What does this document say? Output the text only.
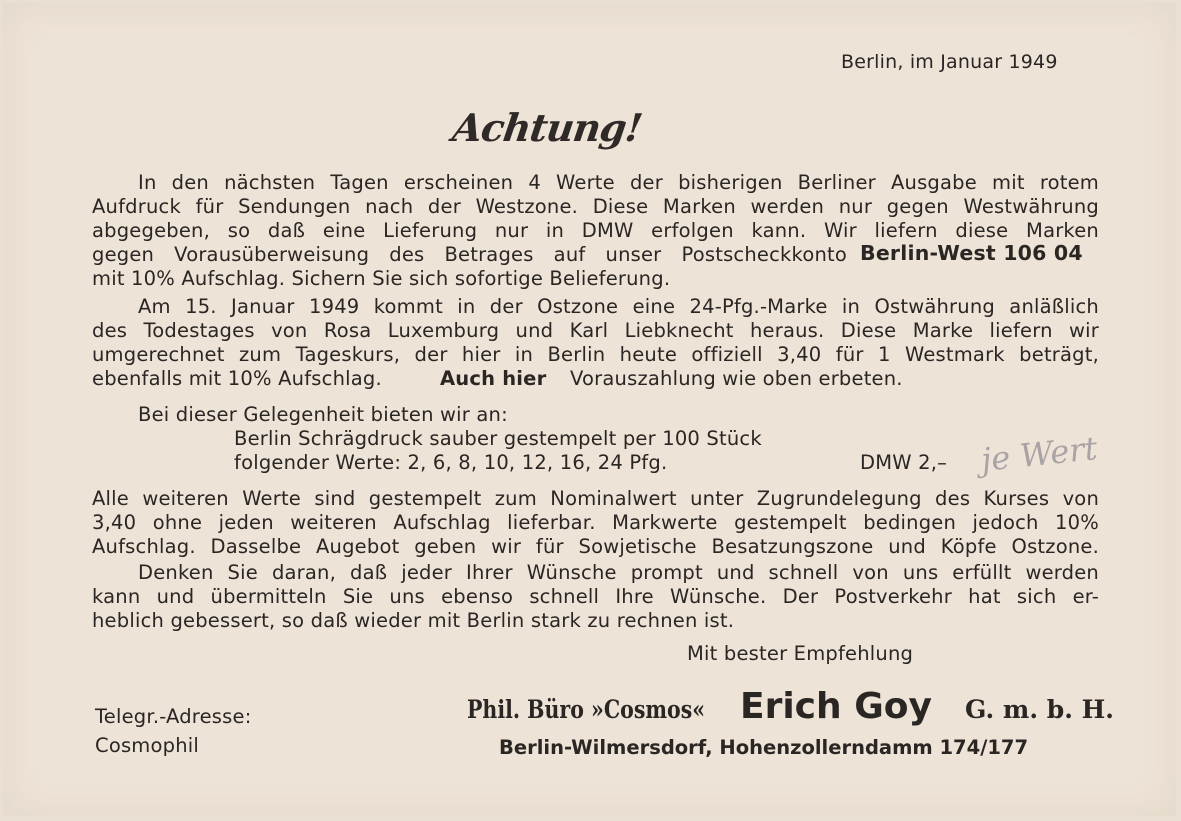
Berlin, im Januar 1949
Achtung!
In den nächsten Tagen erscheinen 4 Werte der bisherigen Berliner Ausgabe mit rotem
Aufdruck für Sendungen nach der Westzone. Diese Marken werden nur gegen Westwährung
abgegeben, so daß eine Lieferung nur in DMW erfolgen kann. Wir liefern diese Marken
gegen Vorausüberweisung des Betrages auf unser Postscheckkonto Berlin-West 106 04
mit 10% Aufschlag. Sichern Sie sich sofortige Belieferung.
Am 15. Januar 1949 kommt in der Ostzone eine 24-Pfg.-Marke in Ostwährung anläßlich
des Todestages von Rosa Luxemburg und Karl Liebknecht heraus. Diese Marke liefern wir
umgerechnet zum Tageskurs, der hier in Berlin heute offiziell 3,40 für 1 Westmark beträgt,
ebenfalls mit 10% Aufschlag.	Auch hier Vorauszahlung wie oben erbeten.
Bei dieser Gelegenheit bieten wir an:
Berlin Schrägdruck sauber gestempelt per 100 Stück
folgender Werte: 2, 6, 8, 10, 12, 16, 24 Pfg.	DMW 2,– je Wert
Alle weiteren Werte sind gestempelt zum Nominalwert unter Zugrundelegung des Kurses von
3,40 ohne jeden weiteren Aufschlag lieferbar. Markwerte gestempelt bedingen jedoch 10%
Aufschlag. Dasselbe Augebot geben wir für Sowjetische Besatzungszone und Köpfe Ostzone.
Denken Sie daran, daß jeder Ihrer Wünsche prompt und schnell von uns erfüllt werden
kann und übermitteln Sie uns ebenso schnell Ihre Wünsche. Der Postverkehr hat sich er-
heblich gebessert, so daß wieder mit Berlin stark zu rechnen ist.
Mit bester Empfehlung
Telegr.-Adresse:
Cosmophil
Phil. Büro »Cosmos« Erich Goy G. m. b. H.
Berlin-Wilmersdorf, Hohenzollerndamm 174/177
